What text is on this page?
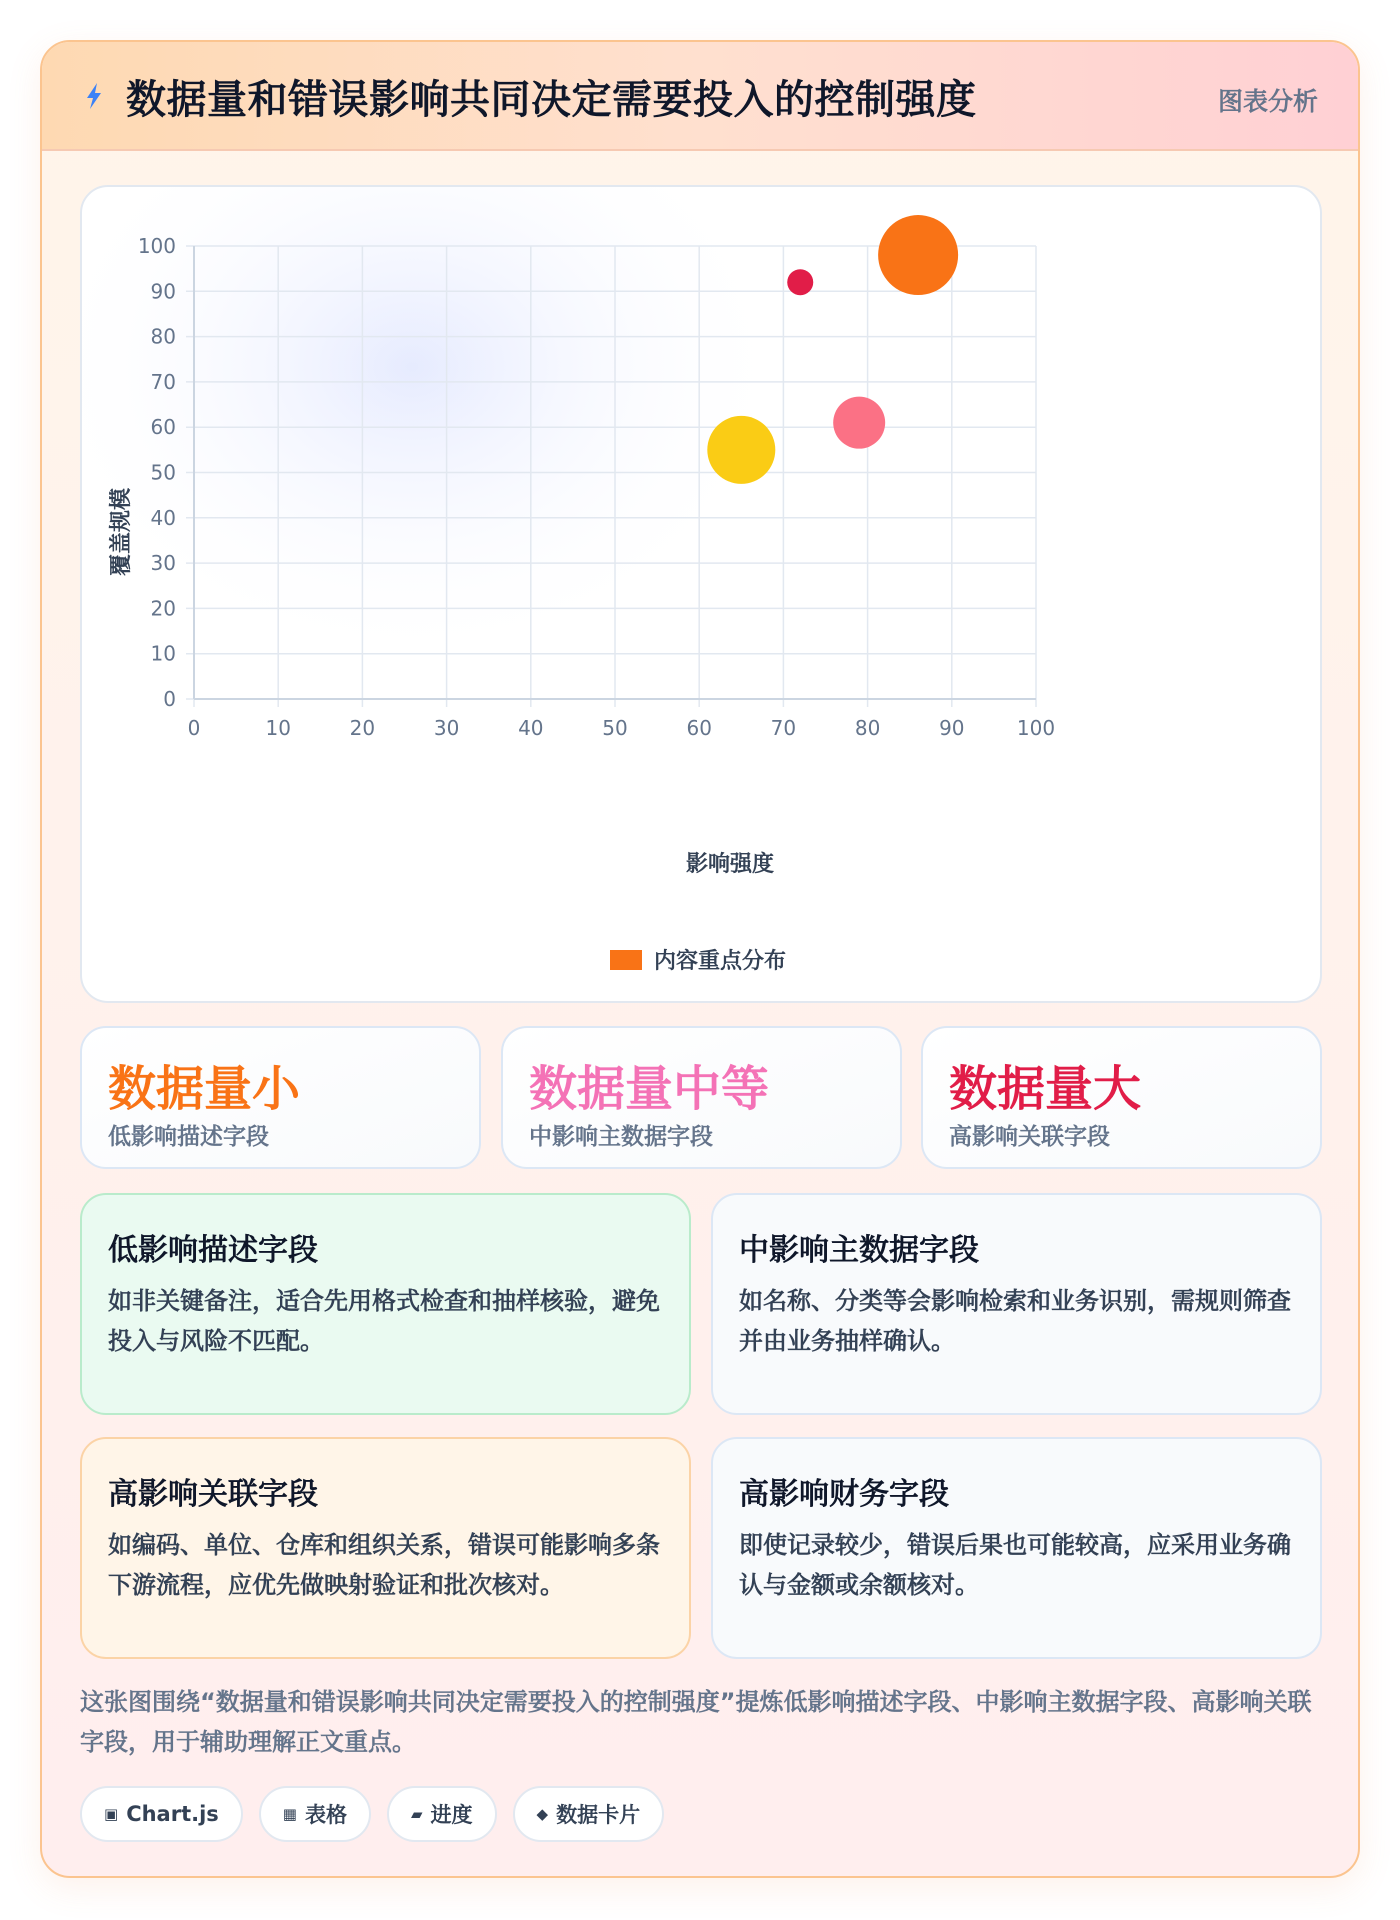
数据量和错误影响共同决定需要投入的控制强度	图表分析
0	10	20	30	40	50	60	70	80	90	100
0
10
20
30
40
50
60
70
80
90
100
影响强度
覆盖规模
内容重点分布
数据量小
低影响描述字段
数据量中等
中影响主数据字段
数据量大
高影响关联字段
低影响描述字段
如非关键备注，适合先用格式检查和抽样核验，避免投入与风险不匹配。
中影响主数据字段
如名称、分类等会影响检索和业务识别，需规则筛查并由业务抽样确认。
高影响关联字段
如编码、单位、仓库和组织关系，错误可能影响多条下游流程，应优先做映射验证和批次核对。
高影响财务字段
即使记录较少，错误后果也可能较高，应采用业务确认与金额或余额核对。
这张图围绕“数据量和错误影响共同决定需要投入的控制强度”提炼低影响描述字段、中影响主数据字段、高影响关联字段，用于辅助理解正文重点。
▣ Chart.js	▦ 表格	▰ 进度	◆ 数据卡片
